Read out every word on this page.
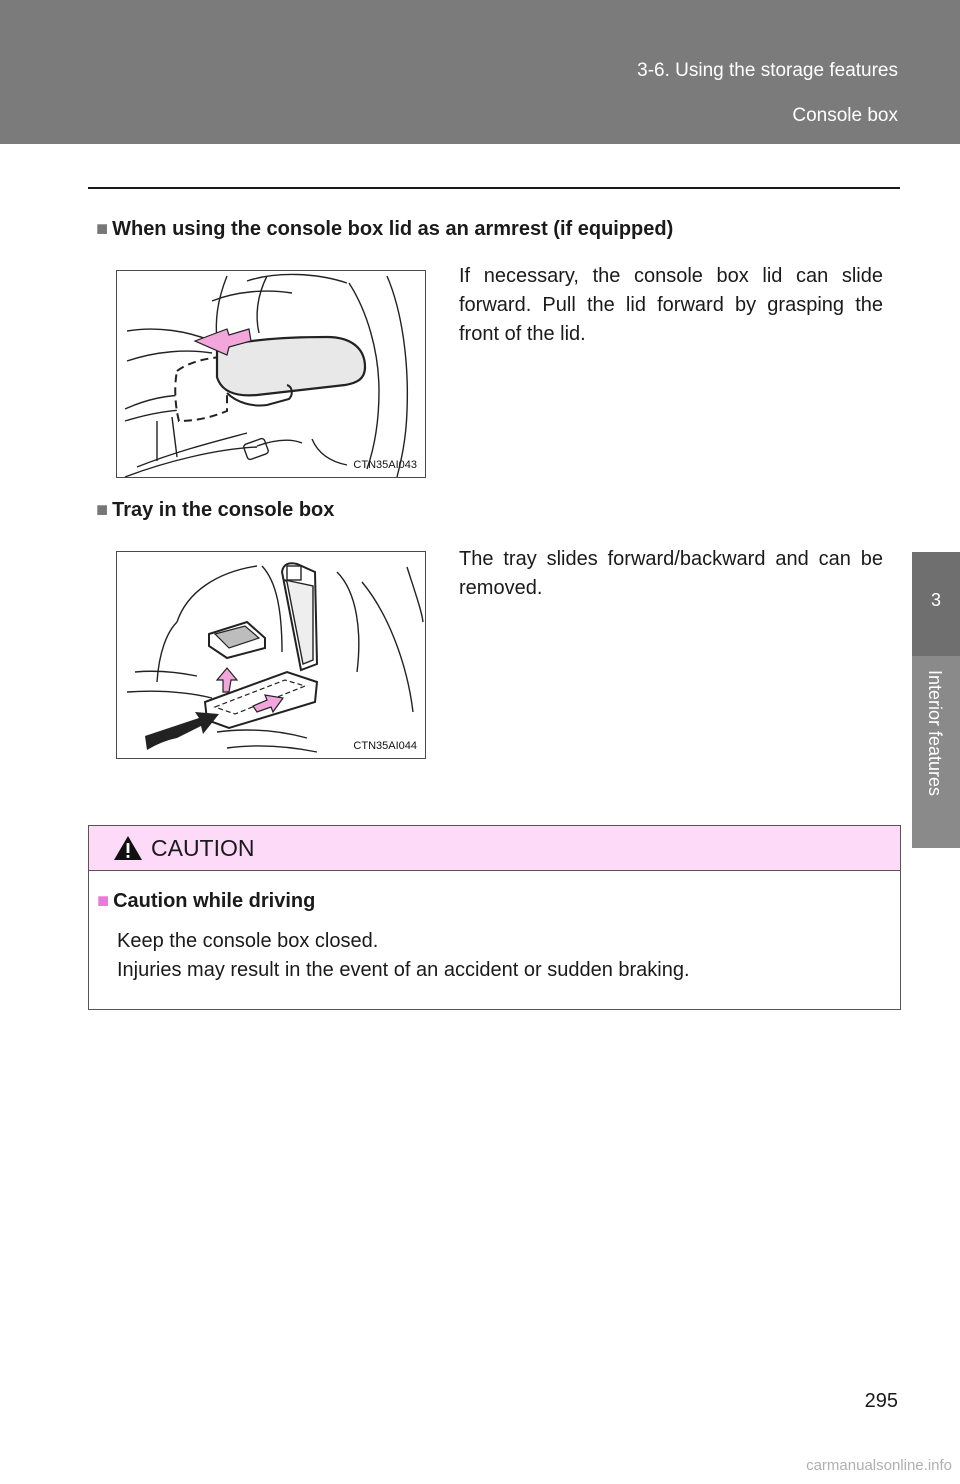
3-6. Using the storage features
Console box
3
Interior features
■ When using the console box lid as an armrest (if equipped)
CTN35AI043
If necessary, the console box lid can slide forward. Pull the lid forward by grasping the front of the lid.
■ Tray in the console box
CTN35AI044
The tray slides forward/backward and can be removed.
CAUTION
■ Caution while driving
Keep the console box closed.
Injuries may result in the event of an accident or sudden braking.
295
carmanualsonline.info
